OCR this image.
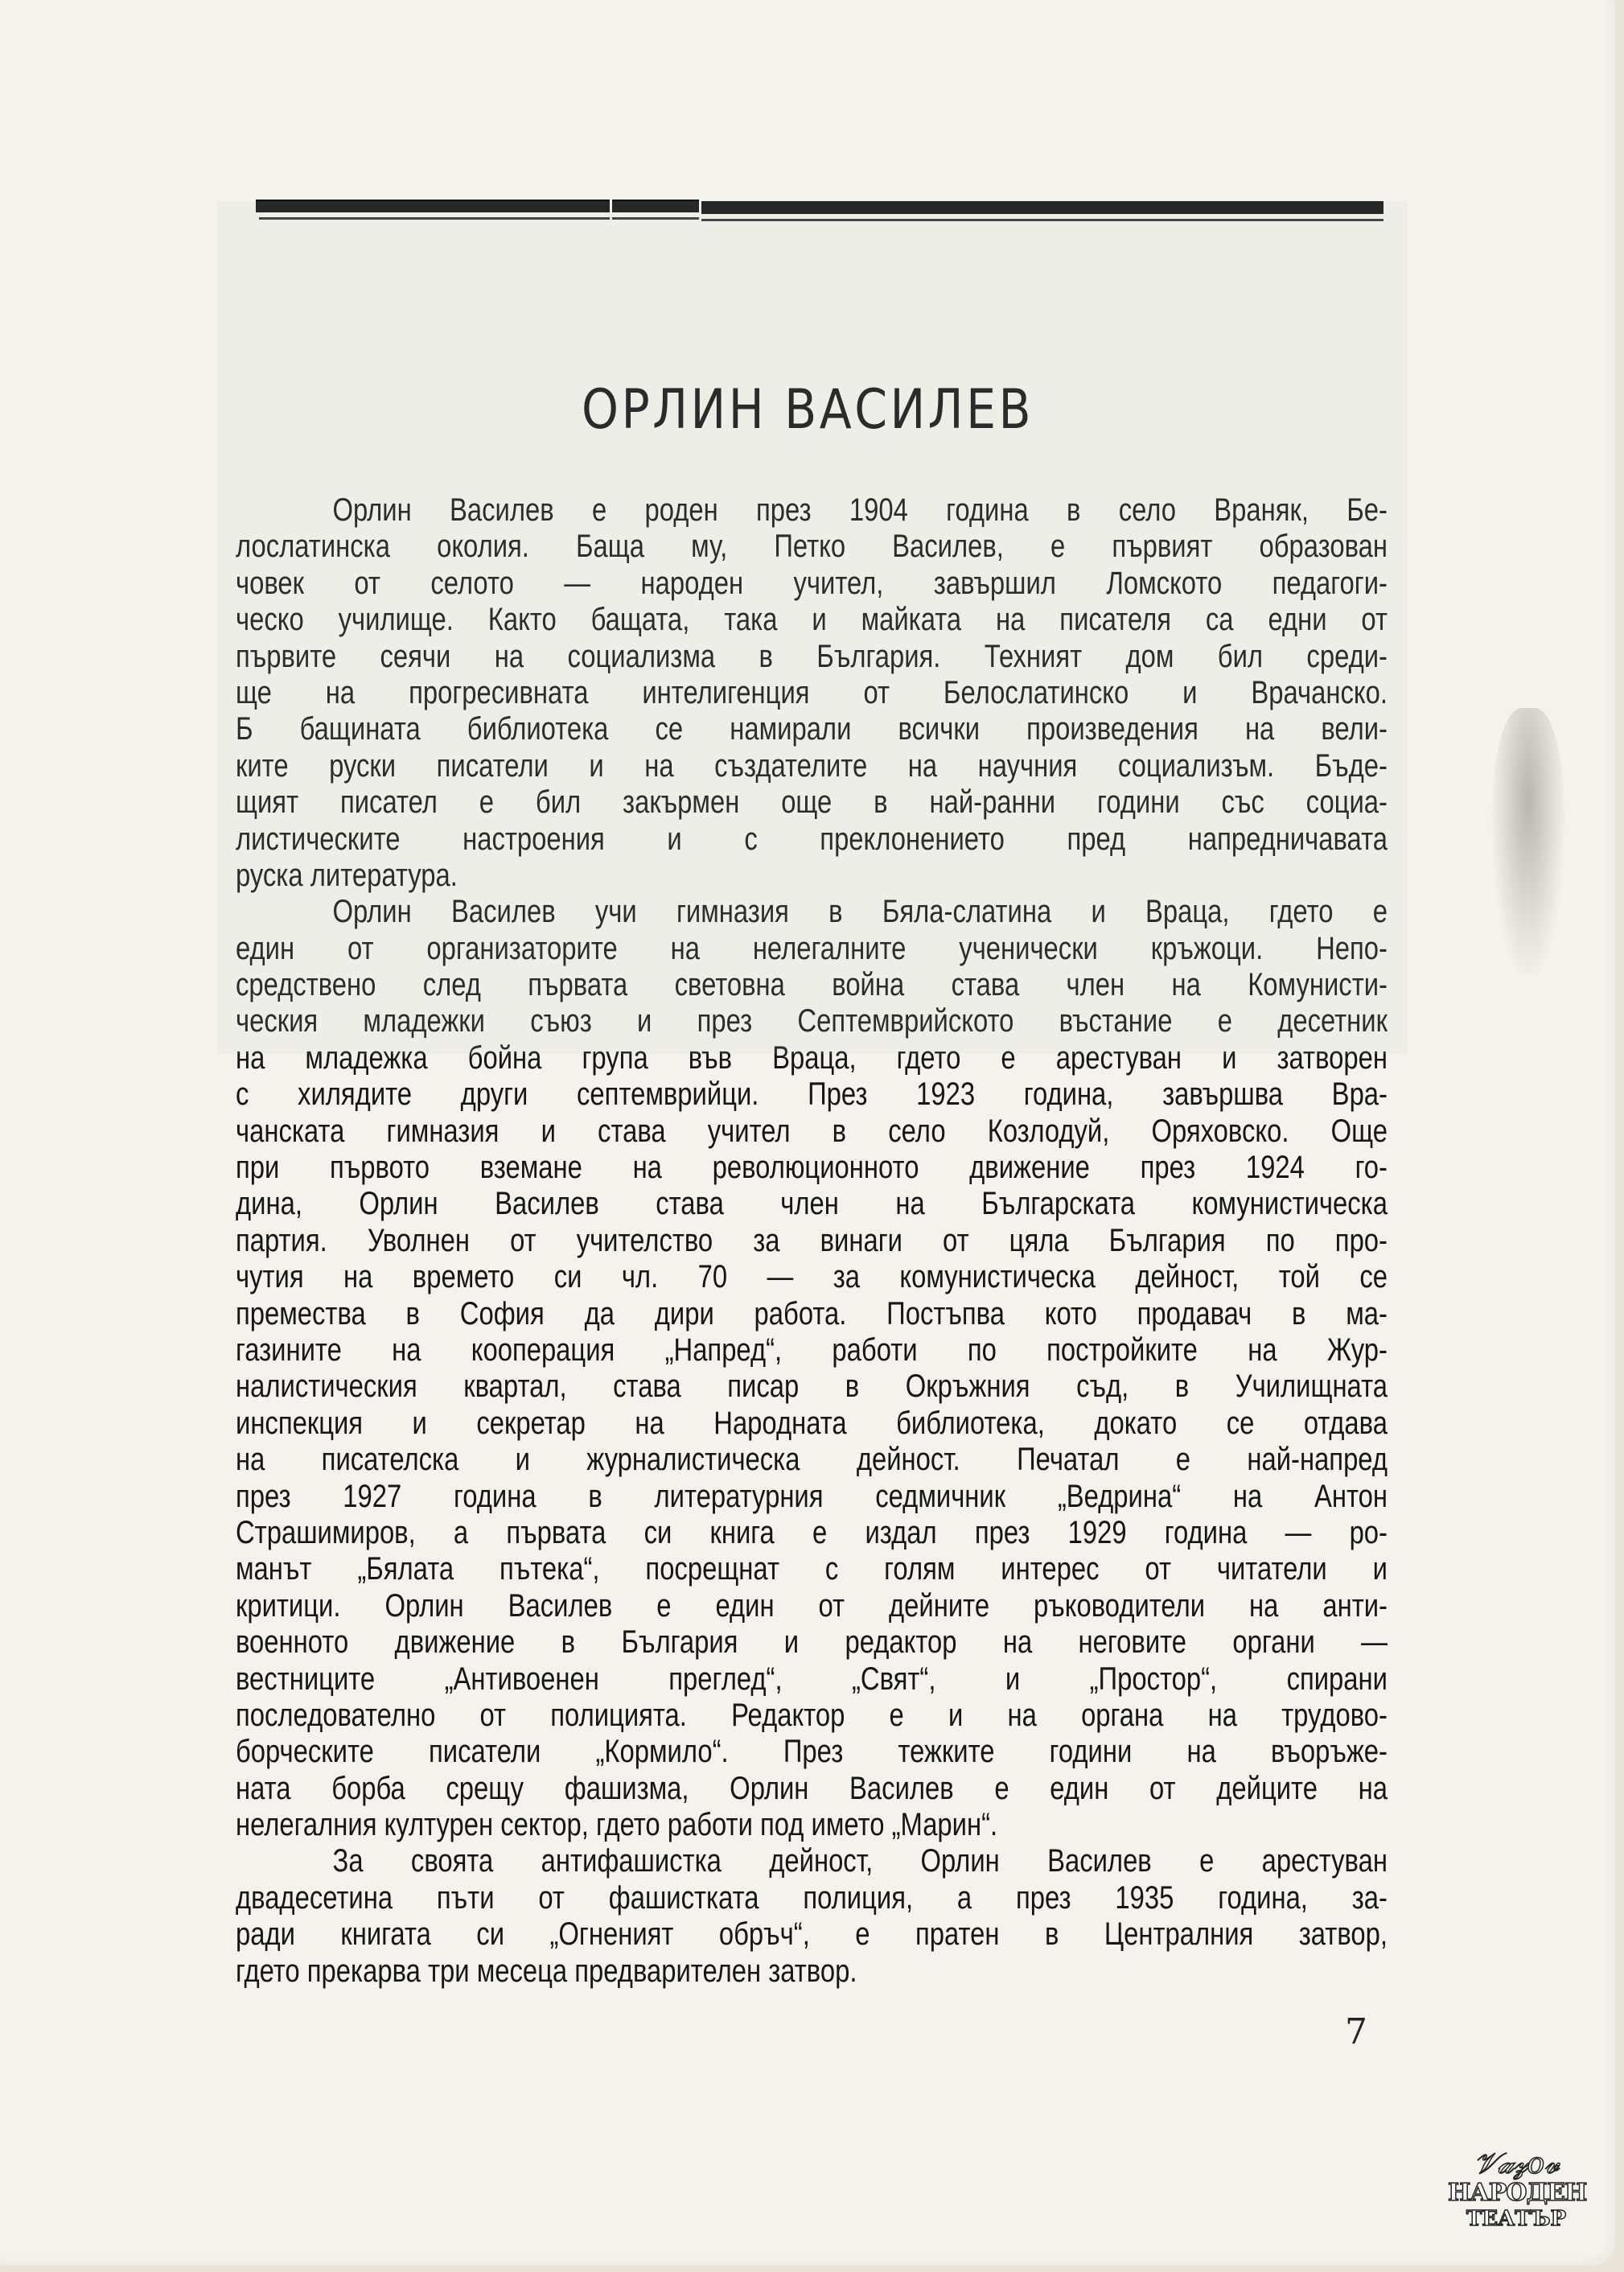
ОРЛИН ВАСИЛЕВ
Орлин Василев е роден през 1904 година в село Враняк, Бе-
лослатинска околия. Баща му, Петко Василев, е първият образован
човек от селото — народен учител, завършил Ломското педагоги-
ческо училище. Както бащата, така и майката на писателя са едни от
първите сеячи на социализма в България. Техният дом бил среди-
ще на прогресивната интелигенция от Белослатинско и Врачанско.
Б бащината библиотека се намирали всички произведения на вели-
ките руски писатели и на създателите на научния социализъм. Бъде-
щият писател е бил закърмен още в най-ранни години със социа-
листическите настроения и с преклонението пред напредничавата
руска литература.
Орлин Василев учи гимназия в Бяла-слатина и Враца, гдето е
един от организаторите на нелегалните ученически кръжоци. Непо-
средствено след първата световна война става член на Комунисти-
ческия младежки съюз и през Септемврийското въстание е десетник
на младежка бойна група във Враца, гдето е арестуван и затворен
с хилядите други септемврийци. През 1923 година, завършва Вра-
чанската гимназия и става учител в село Козлодуй, Оряховско. Още
при първото вземане на революционното движение през 1924 го-
дина, Орлин Василев става член на Българската комунистическа
партия. Уволнен от учителство за винаги от цяла България по про-
чутия на времето си чл. 70 — за комунистическа дейност, той се
премества в София да дири работа. Постъпва кото продавач в ма-
газините на кооперация „Напред“, работи по постройките на Жур-
налистическия квартал, става писар в Окръжния съд, в Училищната
инспекция и секретар на Народната библиотека, докато се отдава
на писателска и журналистическа дейност. Печатал е най-напред
през 1927 година в литературния седмичник „Ведрина“ на Антон
Страшимиров, а първата си книга е издал през 1929 година — ро-
манът „Бялата пътека“, посрещнат с голям интерес от читатели и
критици. Орлин Василев е един от дейните ръководители на анти-
военното движение в България и редактор на неговите органи —
вестниците „Антивоенен преглед“, „Свят“, и „Простор“, спирани
последователно от полицията. Редактор е и на органа на трудово-
борческите писатели „Кормило“. През тежките години на въоръже-
ната борба срещу фашизма, Орлин Василев е един от дейците на
нелегалния културен сектор, гдето работи под името „Марин“.
За своята антифашистка дейност, Орлин Василев е арестуван
двадесетина пъти от фашистката полиция, а през 1935 година, за-
ради книгата си „Огненият обръч“, е пратен в Централния затвор,
гдето прекарва три месеца предварителен затвор.
7
𝒱𝒶𝓏𝑜𝓋
НАРОДЕН
ТЕАТЪР
